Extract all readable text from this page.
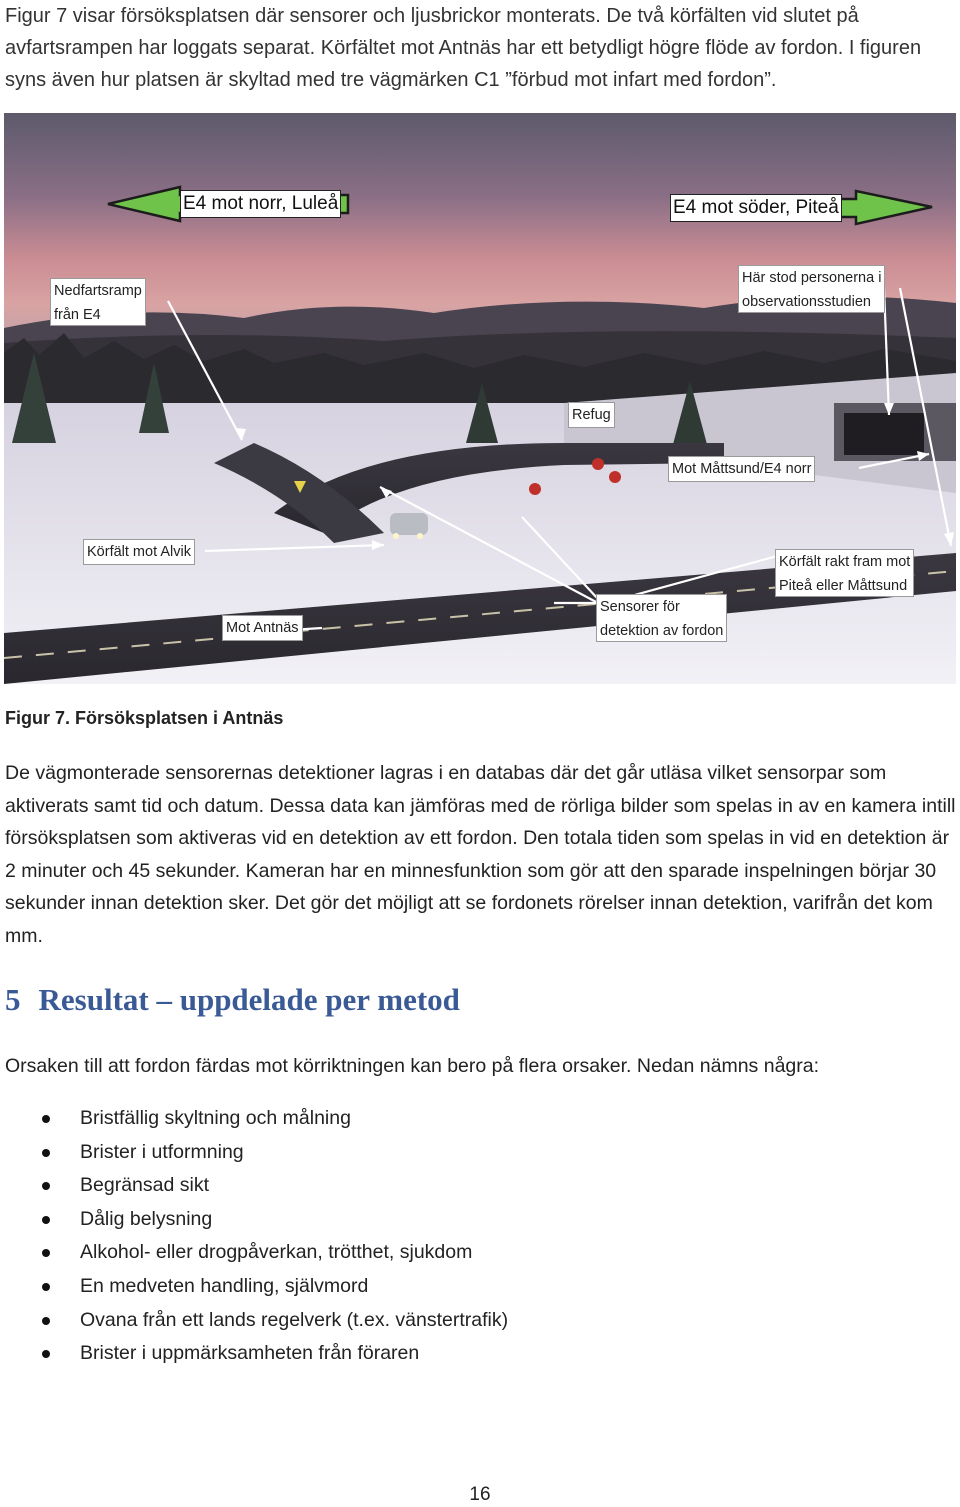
Figur 7 visar försöksplatsen där sensorer och ljusbrickor monterats. De två körfälten vid slutet på avfartsrampen har loggats separat. Körfältet mot Antnäs har ett betydligt högre flöde av fordon. I figuren syns även hur platsen är skyltad med tre vägmärken C1 ”förbud mot infart med fordon”.
E4 mot norr, Luleå	E4 mot söder, Piteå
Nedfartsramp
från E4
Här stod personerna i
observationsstudien
Refug
Mot Måttsund/E4 norr
Körfält mot Alvik
Körfält rakt fram mot
Piteå eller Måttsund
Mot Antnäs
Sensorer för
detektion av fordon
Figur 7. Försöksplatsen i Antnäs
De vägmonterade sensorernas detektioner lagras i en databas där det går utläsa vilket sensorpar som aktiverats samt tid och datum. Dessa data kan jämföras med de rörliga bilder som spelas in av en kamera intill försöksplatsen som aktiveras vid en detektion av ett fordon. Den totala tiden som spelas in vid en detektion är 2 minuter och 45 sekunder. Kameran har en minnesfunktion som gör att den sparade inspelningen börjar 30 sekunder innan detektion sker. Det gör det möjligt att se fordonets rörelser innan detektion, varifrån det kom mm.
5 Resultat – uppdelade per metod
Orsaken till att fordon färdas mot körriktningen kan bero på flera orsaker. Nedan nämns några:
Bristfällig skyltning och målning
Brister i utformning
Begränsad sikt
Dålig belysning
Alkohol- eller drogpåverkan, trötthet, sjukdom
En medveten handling, självmord
Ovana från ett lands regelverk (t.ex. vänstertrafik)
Brister i uppmärksamheten från föraren
16
